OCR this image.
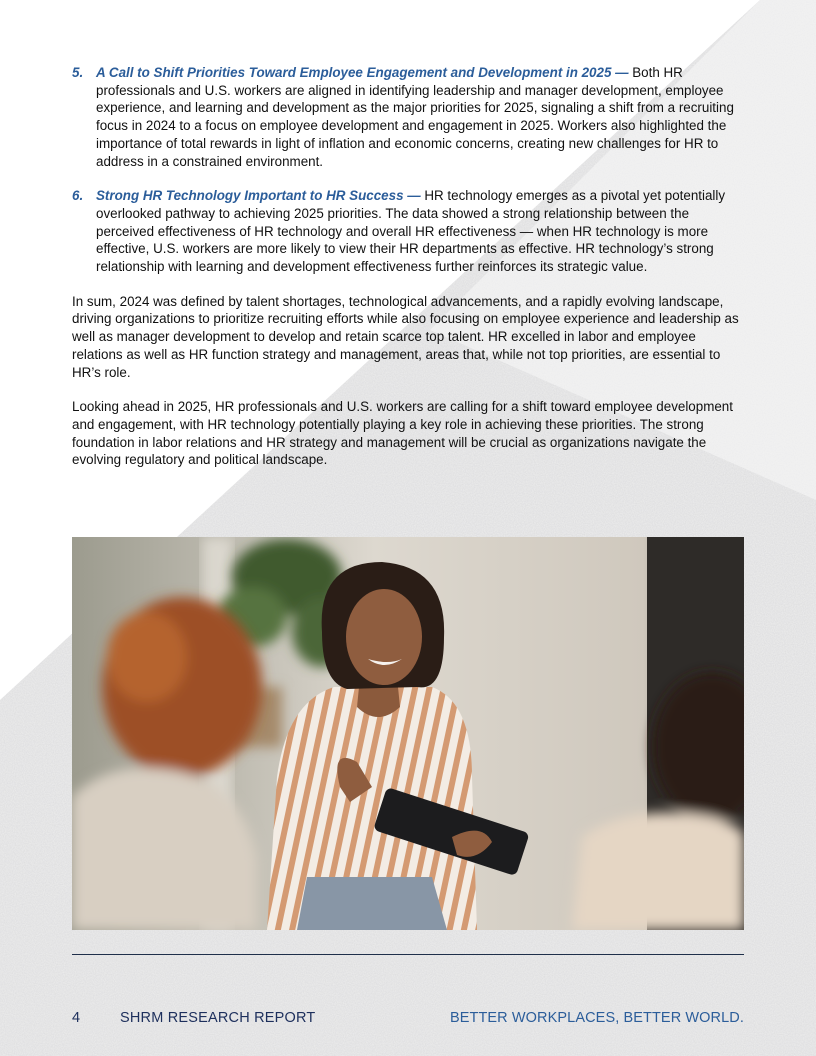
5. A Call to Shift Priorities Toward Employee Engagement and Development in 2025 — Both HR professionals and U.S. workers are aligned in identifying leadership and manager development, employee experience, and learning and development as the major priorities for 2025, signaling a shift from a recruiting focus in 2024 to a focus on employee development and engagement in 2025. Workers also highlighted the importance of total rewards in light of inflation and economic concerns, creating new challenges for HR to address in a constrained environment.
6. Strong HR Technology Important to HR Success — HR technology emerges as a pivotal yet potentially overlooked pathway to achieving 2025 priorities. The data showed a strong relationship between the perceived effectiveness of HR technology and overall HR effectiveness — when HR technology is more effective, U.S. workers are more likely to view their HR departments as effective. HR technology’s strong relationship with learning and development effectiveness further reinforces its strategic value.

In sum, 2024 was defined by talent shortages, technological advancements, and a rapidly evolving landscape, driving organizations to prioritize recruiting efforts while also focusing on employee experience and leadership as well as manager development to develop and retain scarce top talent. HR excelled in labor and employee relations as well as HR function strategy and management, areas that, while not top priorities, are essential to HR’s role.

Looking ahead in 2025, HR professionals and U.S. workers are calling for a shift toward employee development and engagement, with HR technology potentially playing a key role in achieving these priorities. The strong foundation in labor relations and HR strategy and management will be crucial as organizations navigate the evolving regulatory and political landscape.

4	SHRM RESEARCH REPORT	BETTER WORKPLACES, BETTER WORLD.
